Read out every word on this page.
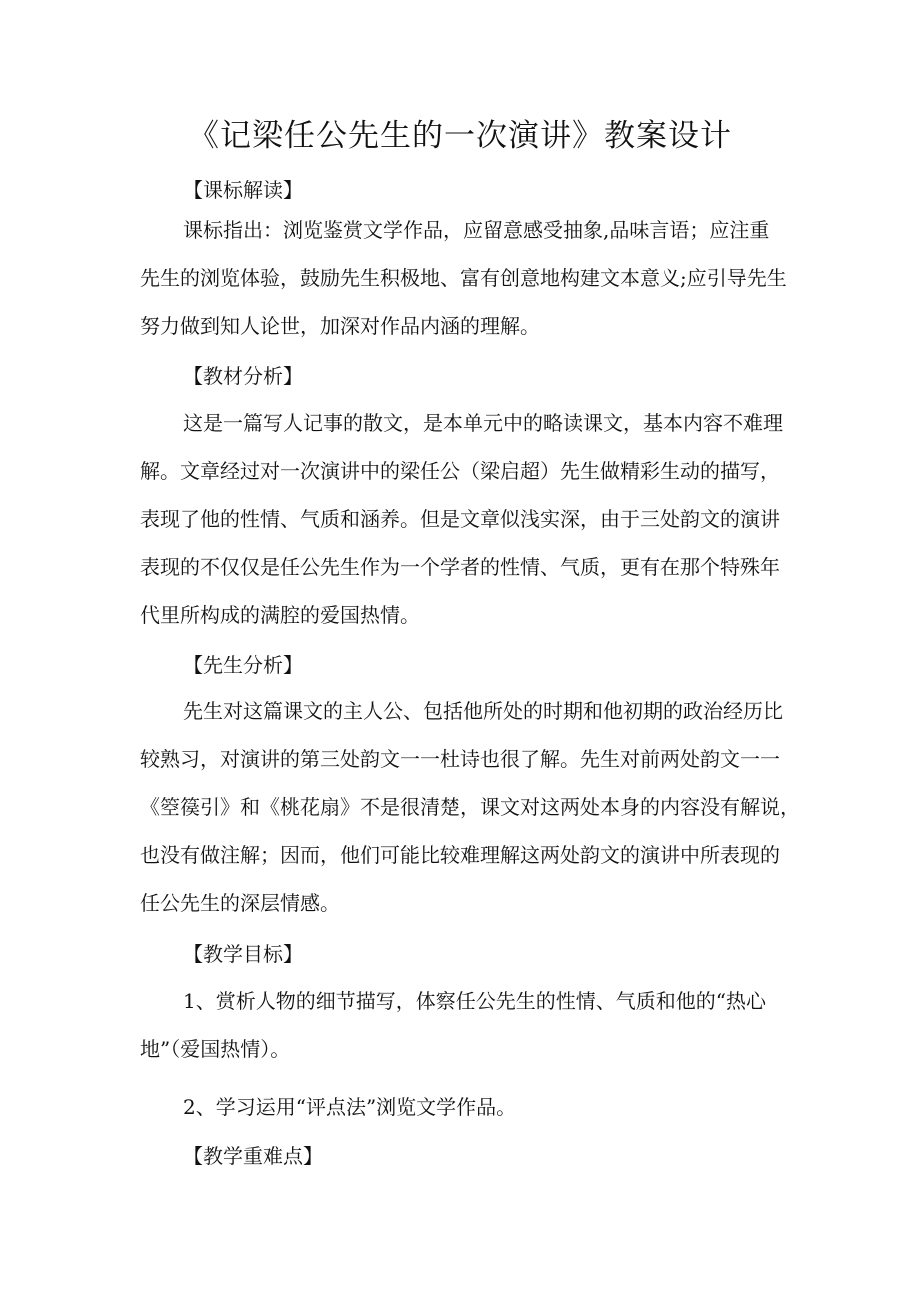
《记梁任公先生的一次演讲》教案设计
【课标解读】
课标指出：浏览鉴赏文学作品，应留意感受抽象,品味言语；应注重
先生的浏览体验，鼓励先生积极地、富有创意地构建文本意义;应引导先生
努力做到知人论世，加深对作品内涵的理解。
【教材分析】
这是一篇写人记事的散文，是本单元中的略读课文，基本内容不难理
解。文章经过对一次演讲中的梁任公（梁启超）先生做精彩生动的描写，
表现了他的性情、气质和涵养。但是文章似浅实深，由于三处韵文的演讲
表现的不仅仅是任公先生作为一个学者的性情、气质，更有在那个特殊年
代里所构成的满腔的爱国热情。
【先生分析】
先生对这篇课文的主人公、包括他所处的时期和他初期的政治经历比
较熟习，对演讲的第三处韵文一一杜诗也很了解。先生对前两处韵文一一
《箜篌引》和《桃花扇》不是很清楚，课文对这两处本身的内容没有解说，
也没有做注解；因而，他们可能比较难理解这两处韵文的演讲中所表现的
任公先生的深层情感。
【教学目标】
1、赏析人物的细节描写，体察任公先生的性情、气质和他的“热心
地”（爱国热情）。
2、学习运用“评点法”浏览文学作品。
【教学重难点】
